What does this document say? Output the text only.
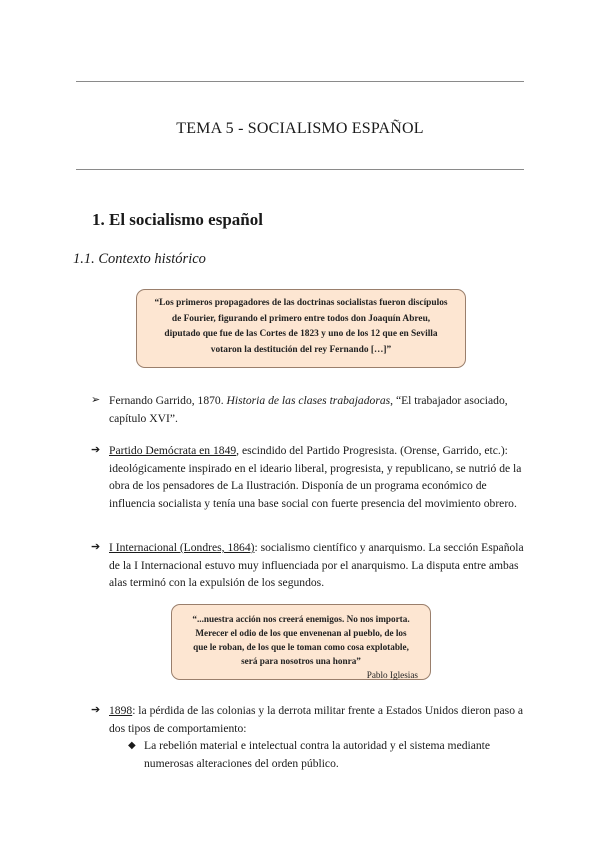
TEMA 5 - SOCIALISMO ESPAÑOL
1. El socialismo español
1.1. Contexto histórico
“Los primeros propagadores de las doctrinas socialistas fueron discípulos
de Fourier, figurando el primero entre todos don Joaquín Abreu,
diputado que fue de las Cortes de 1823 y uno de los 12 que en Sevilla
votaron la destitución del rey Fernando […]”
➢ Fernando Garrido, 1870. Historia de las clases trabajadoras, “El trabajador asociado, capítulo XVI”.
➔ Partido Demócrata en 1849, escindido del Partido Progresista. (Orense, Garrido, etc.): ideológicamente inspirado en el ideario liberal, progresista, y republicano, se nutrió de la obra de los pensadores de La Ilustración. Disponía de un programa económico de influencia socialista y tenía una base social con fuerte presencia del movimiento obrero.
➔ I Internacional (Londres, 1864): socialismo científico y anarquismo. La sección Española de la I Internacional estuvo muy influenciada por el anarquismo. La disputa entre ambas alas terminó con la expulsión de los segundos.
“...nuestra acción nos creerá enemigos. No nos importa.
Merecer el odio de los que envenenan al pueblo, de los
que le roban, de los que le toman como cosa explotable,
será para nosotros una honra”
Pablo Iglesias
➔ 1898: la pérdida de las colonias y la derrota militar frente a Estados Unidos dieron paso a dos tipos de comportamiento:
◆ La rebelión material e intelectual contra la autoridad y el sistema mediante numerosas alteraciones del orden público.
